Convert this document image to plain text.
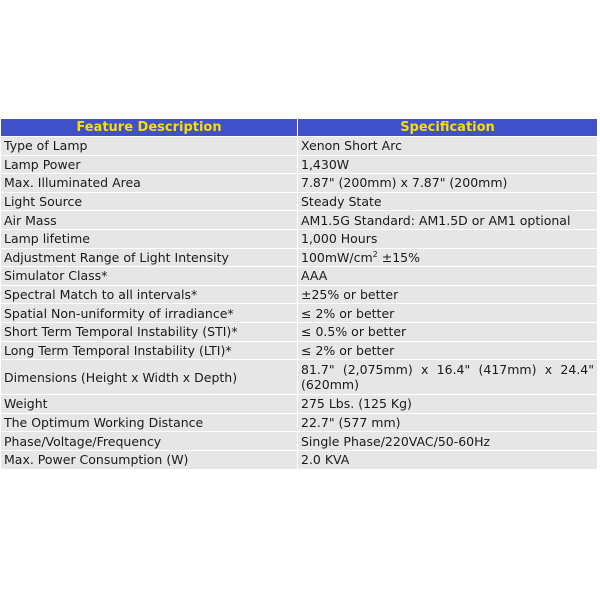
Feature Description	Specification
Type of Lamp	Xenon Short Arc
Lamp Power	1,430W
Max. Illuminated Area	7.87" (200mm) x 7.87" (200mm)
Light Source	Steady State
Air Mass	AM1.5G Standard: AM1.5D or AM1 optional
Lamp lifetime	1,000 Hours
Adjustment Range of Light Intensity	$100mW/cm^2 \pm 15\%$
Simulator Class*	AAA
Spectral Match to all intervals*	±25% or better
Spatial Non-uniformity of irradiance*	≤ 2% or better
Short Term Temporal Instability (STI)*	≤ 0.5% or better
Long Term Temporal Instability (LTI)*	≤ 2% or better
Dimensions (Height x Width x Depth)	81.7" (2,075mm) x 16.4" (417mm) x 24.4" (620mm)
Weight	275 Lbs. (125 Kg)
The Optimum Working Distance	22.7" (577 mm)
Phase/Voltage/Frequency	Single Phase/220VAC/50-60Hz
Max. Power Consumption (W)	2.0 KVA
